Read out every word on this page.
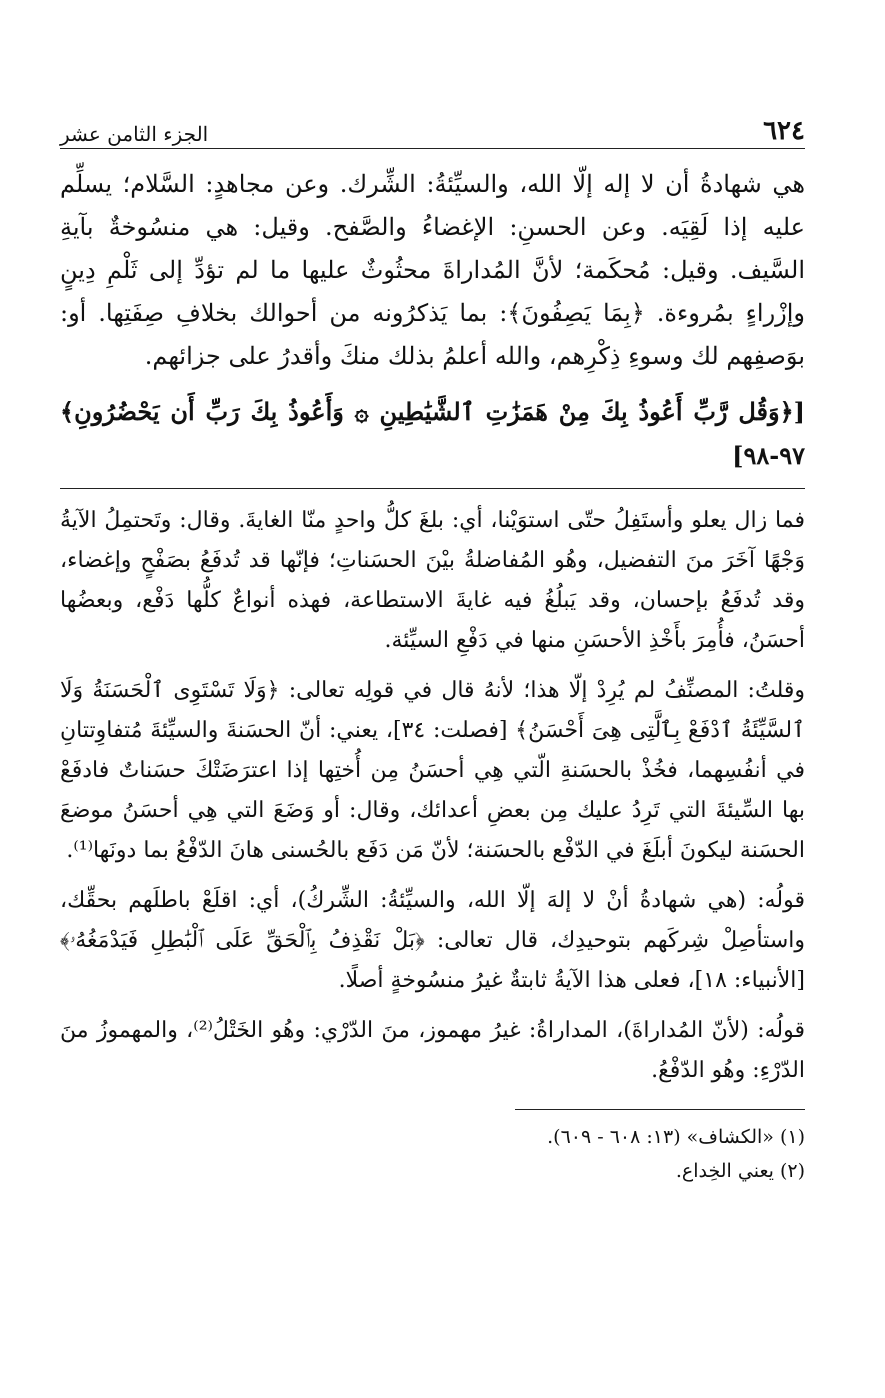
٦٢٤
الجزء الثامن عشر

هي شهادةُ أن لا إله إلّا الله، والسيِّئةُ: الشِّرك. وعن مجاهدٍ: السَّلام؛ يسلِّم عليه إذا لَقِيَه. وعن الحسنِ: الإغضاءُ والصَّفح. وقيل: هي منسُوخةٌ بآيةِ السَّيف. وقيل: مُحكَمة؛ لأنَّ المُداراةَ محثُوثٌ عليها ما لم تؤدِّ إلى ثَلْمِ دِينٍ وإزْراءٍ بمُروءة. ﴿بِمَا يَصِفُونَ﴾: بما يَذكرُونه من أحوالك بخلافِ صِفَتِها. أو: بوَصفِهم لك وسوءِ ذِكْرِهم، والله أعلمُ بذلك منكَ وأقدرُ على جزائهم.

[﴿وَقُل رَّبِّ أَعُوذُ بِكَ مِنْ هَمَزَٰتِ ٱلشَّيَٰطِينِ ۞ وَأَعُوذُ بِكَ رَبِّ أَن يَحْضُرُونِ﴾ ٩٧-٩٨]

فما زال يعلو وأستَفِلُ حتّى استوَيْنا، أي: بلغَ كلُّ واحدٍ منّا الغايةَ. وقال: وتَحتمِلُ الآيةُ وَجْهًا آخَرَ منَ التفضيل، وهُو المُفاضلةُ بيْنَ الحسَناتِ؛ فإنّها قد تُدفَعُ بصَفْحٍ وإغضاء، وقد تُدفَعُ بإحسان، وقد يَبلُغُ فيه غايةَ الاستطاعة، فهذه أنواعٌ كلُّها دَفْع، وبعضُها أحسَنُ، فأُمِرَ بأَخْذِ الأحسَنِ منها في دَفْعِ السيِّئة.

وقلتُ: المصنِّفُ لم يُرِدْ إلّا هذا؛ لأنهُ قال في قولِه تعالى: ﴿وَلَا تَسْتَوِى ٱلْحَسَنَةُ وَلَا ٱلسَّيِّئَةُ ٱدْفَعْ بِٱلَّتِى هِىَ أَحْسَنُ﴾ [فصلت: ٣٤]، يعني: أنّ الحسَنةَ والسيِّئةَ مُتفاوِتتانِ في أنفُسِهما، فخُذْ بالحسَنةِ الّتي هِي أحسَنُ مِن أُختِها إذا اعترَضَتْكَ حسَناتٌ فادفَعْ بها السِّيئةَ التي تَرِدُ عليك مِن بعضِ أعدائك، وقال: أو وَضَعَ التي هِي أحسَنُ موضعَ الحسَنة ليكونَ أبلَغَ في الدّفْع بالحسَنة؛ لأنّ مَن دَفَع بالحُسنى هانَ الدّفْعُ بما دونَها⁽¹⁾.

قولُه: (هي شهادةُ أنْ لا إلهَ إلّا الله، والسيِّئةُ: الشِّركُ)، أي: اقلَعْ باطلَهم بحقِّك، واستأصِلْ شِركَهم بتوحيدِك، قال تعالى: ﴿بَلْ نَقْذِفُ بِٱلْحَقِّ عَلَى ٱلْبَٰطِلِ فَيَدْمَغُهُۥ﴾ [الأنبياء: ١٨]، فعلى هذا الآيةُ ثابتةٌ غيرُ منسُوخةٍ أصلًا.

قولُه: (لأنّ المُداراةَ)، المداراةُ: غيرُ مهموز، منَ الدّرْي: وهُو الخَتْلُ⁽²⁾، والمهموزُ منَ الدّرْءِ: وهُو الدّفْعُ.

(١) «الكشاف» (١٣: ٦٠٨ - ٦٠٩).

(٢) يعني الخِداع.
